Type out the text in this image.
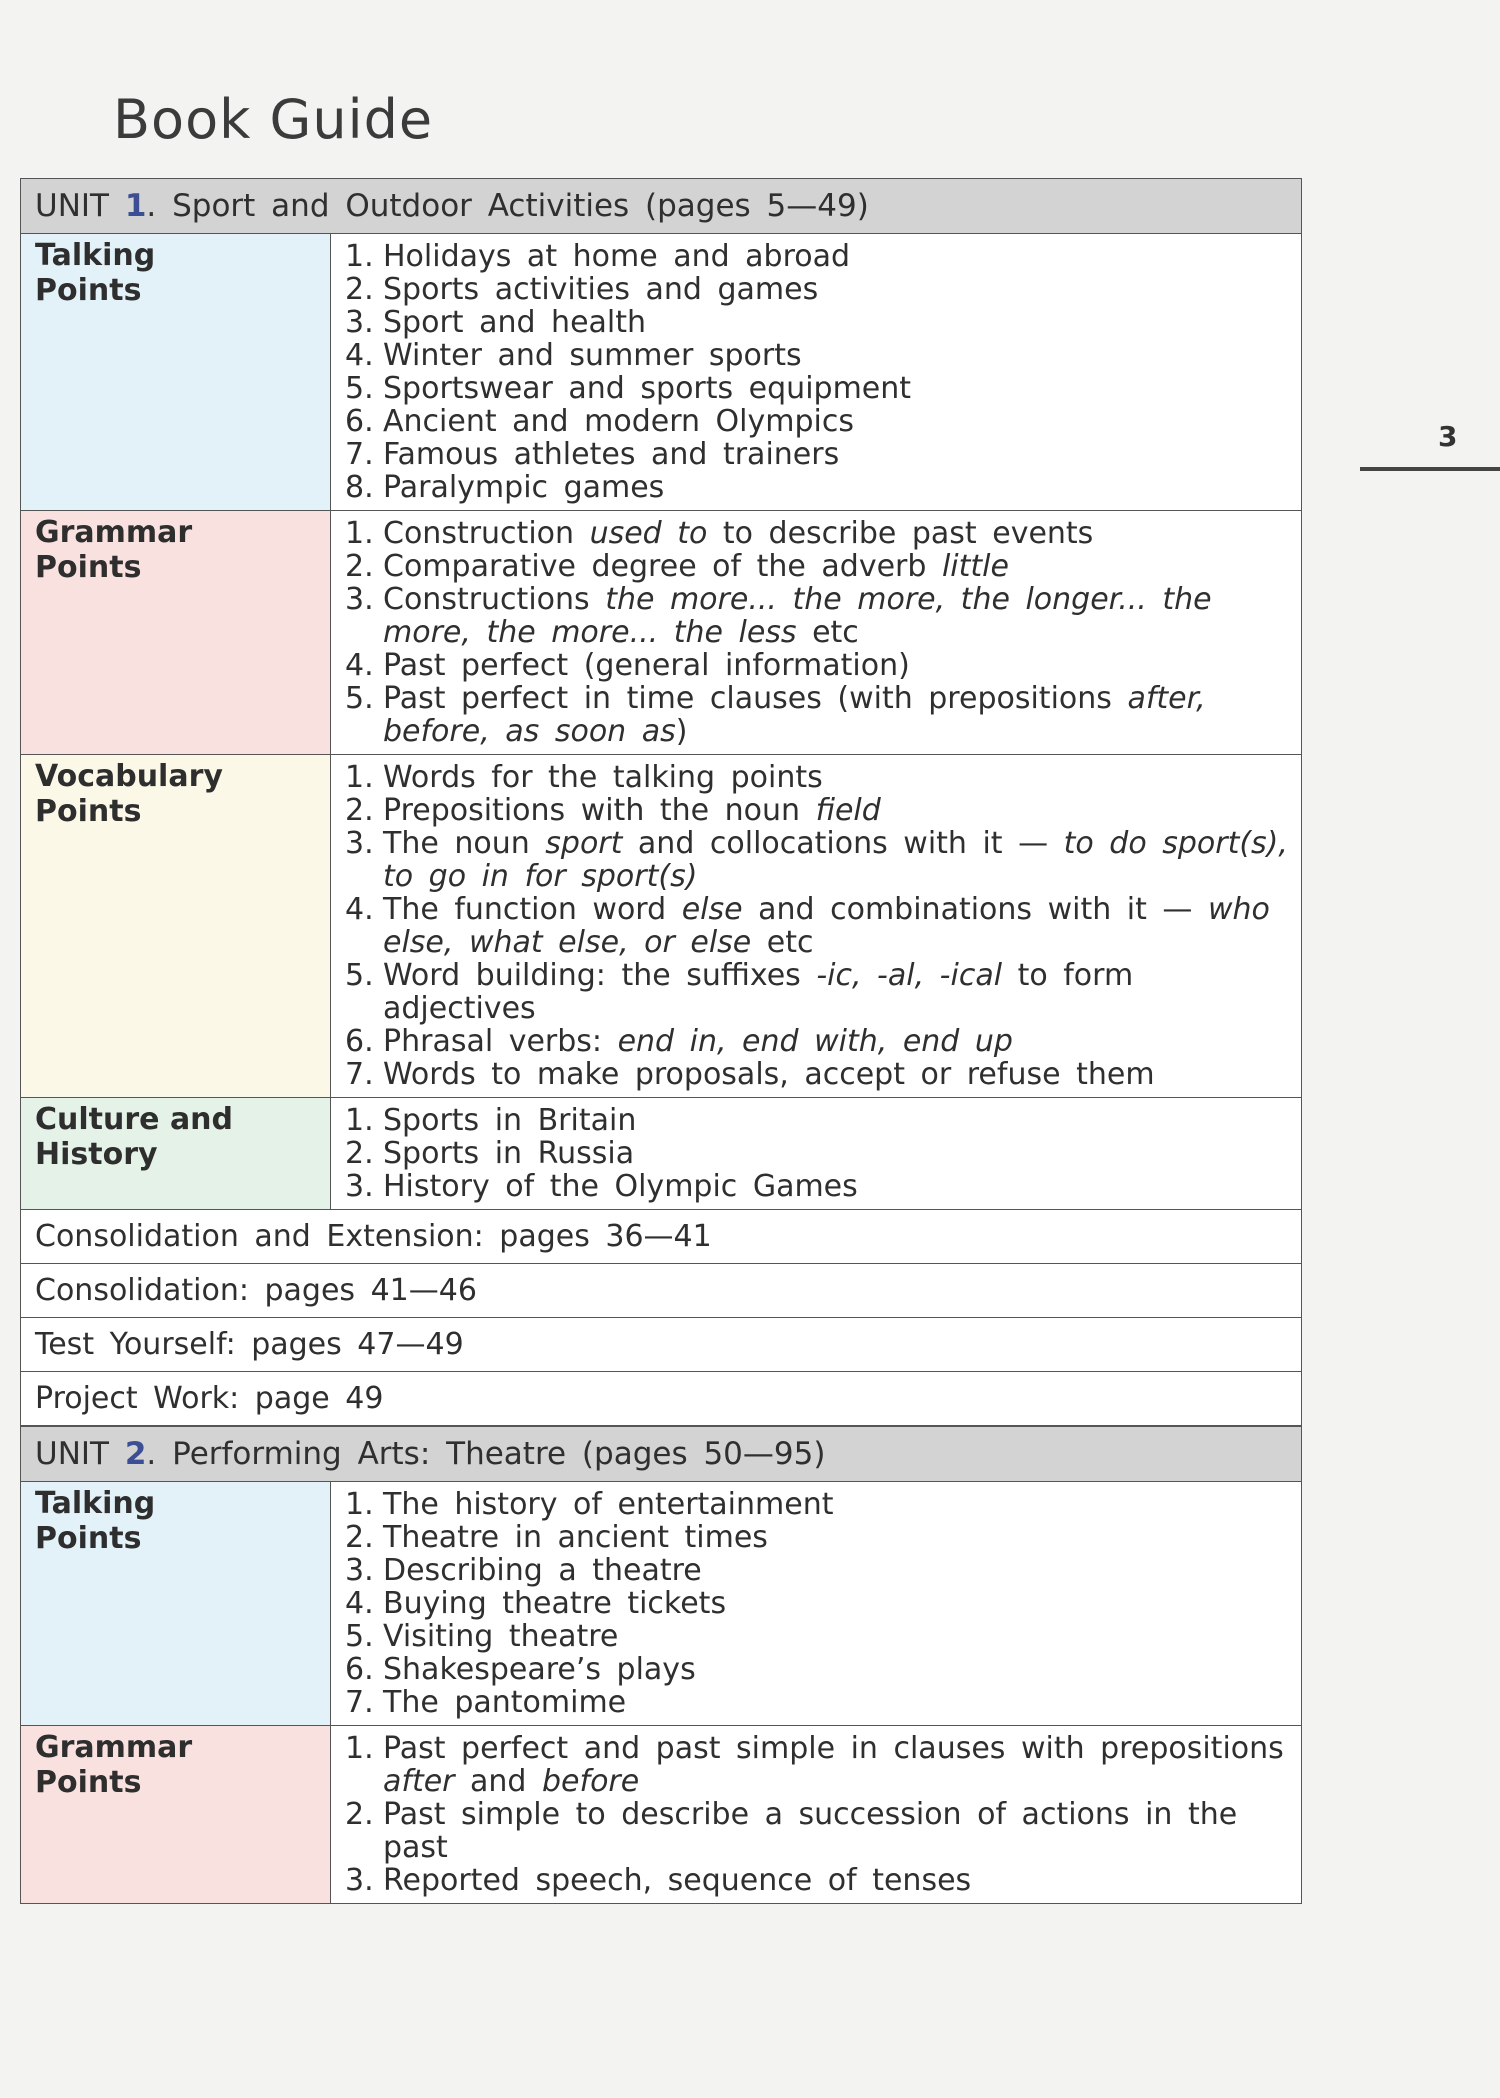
Book Guide
3
UNIT 1. Sport and Outdoor Activities (pages 5—49)
Talking
Points
1. Holidays at home and abroad
2. Sports activities and games
3. Sport and health
4. Winter and summer sports
5. Sportswear and sports equipment
6. Ancient and modern Olympics
7. Famous athletes and trainers
8. Paralympic games
Grammar
Points
1. Construction used to to describe past events
2. Comparative degree of the adverb little
3. Constructions the more... the more, the longer... the more, the more... the less etc
4. Past perfect (general information)
5. Past perfect in time clauses (with prepositions after, before, as soon as)
Vocabulary
Points
1. Words for the talking points
2. Prepositions with the noun field
3. The noun sport and collocations with it — to do sport(s), to go in for sport(s)
4. The function word else and combinations with it — who else, what else, or else etc
5. Word building: the suffixes -ic, -al, -ical to form adjectives
6. Phrasal verbs: end in, end with, end up
7. Words to make proposals, accept or refuse them
Culture and
History
1. Sports in Britain
2. Sports in Russia
3. History of the Olympic Games
Consolidation and Extension: pages 36—41
Consolidation: pages 41—46
Test Yourself: pages 47—49
Project Work: page 49
UNIT 2. Performing Arts: Theatre (pages 50—95)
Talking
Points
1. The history of entertainment
2. Theatre in ancient times
3. Describing a theatre
4. Buying theatre tickets
5. Visiting theatre
6. Shakespeare’s plays
7. The pantomime
Grammar
Points
1. Past perfect and past simple in clauses with prepositions after and before
2. Past simple to describe a succession of actions in the past
3. Reported speech, sequence of tenses
